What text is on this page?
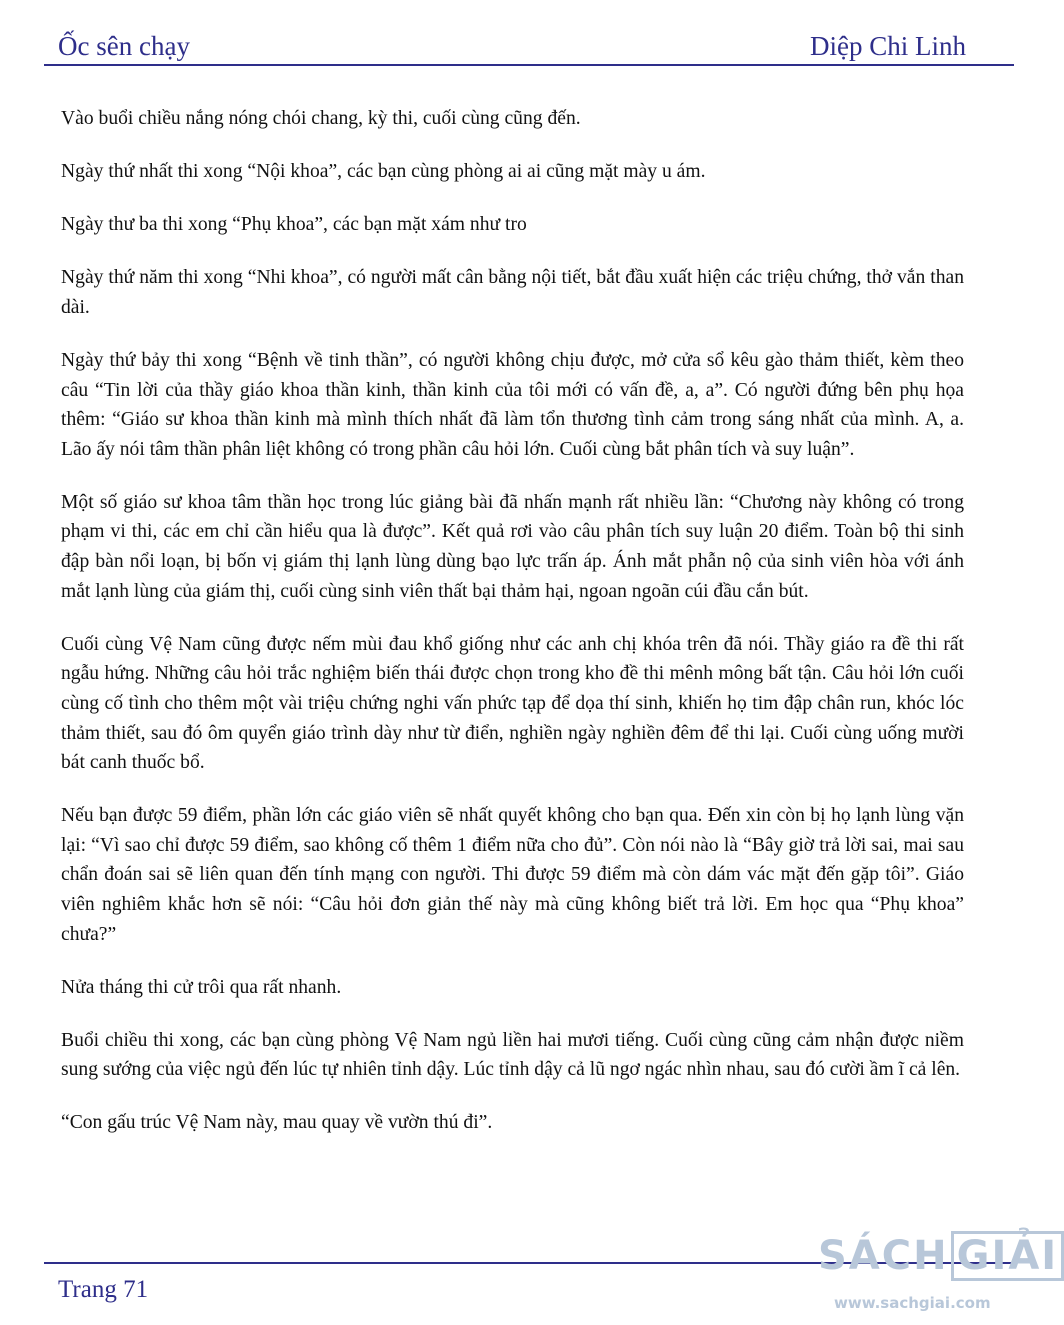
Ốc sên chạy	Diệp Chi Linh

Vào buổi chiều nắng nóng chói chang, kỳ thi, cuối cùng cũng đến.

Ngày thứ nhất thi xong “Nội khoa”, các bạn cùng phòng ai ai cũng mặt mày u ám.

Ngày thư ba thi xong “Phụ khoa”, các bạn mặt xám như tro

Ngày thứ năm thi xong “Nhi khoa”, có người mất cân bằng nội tiết, bắt đầu xuất hiện các triệu chứng, thở vắn than dài.

Ngày thứ bảy thi xong “Bệnh về tinh thần”, có người không chịu được, mở cửa sổ kêu gào thảm thiết, kèm theo câu “Tin lời của thầy giáo khoa thần kinh, thần kinh của tôi mới có vấn đề, a, a”. Có người đứng bên phụ họa thêm: “Giáo sư khoa thần kinh mà mình thích nhất đã làm tổn thương tình cảm trong sáng nhất của mình. A, a. Lão ấy nói tâm thần phân liệt không có trong phần câu hỏi lớn. Cuối cùng bắt phân tích và suy luận”.

Một số giáo sư khoa tâm thần học trong lúc giảng bài đã nhấn mạnh rất nhiều lần: “Chương này không có trong phạm vi thi, các em chỉ cần hiểu qua là được”. Kết quả rơi vào câu phân tích suy luận 20 điểm. Toàn bộ thi sinh đập bàn nổi loạn, bị bốn vị giám thị lạnh lùng dùng bạo lực trấn áp. Ánh mắt phẫn nộ của sinh viên hòa với ánh mắt lạnh lùng của giám thị, cuối cùng sinh viên thất bại thảm hại, ngoan ngoãn cúi đầu cắn bút.

Cuối cùng Vệ Nam cũng được nếm mùi đau khổ giống như các anh chị khóa trên đã nói. Thầy giáo ra đề thi rất ngẫu hứng. Những câu hỏi trắc nghiệm biến thái được chọn trong kho đề thi mênh mông bất tận. Câu hỏi lớn cuối cùng cố tình cho thêm một vài triệu chứng nghi vấn phức tạp để dọa thí sinh, khiến họ tim đập chân run, khóc lóc thảm thiết, sau đó ôm quyển giáo trình dày như từ điển, nghiền ngày nghiền đêm để thi lại. Cuối cùng uống mười bát canh thuốc bổ.

Nếu bạn được 59 điểm, phần lớn các giáo viên sẽ nhất quyết không cho bạn qua. Đến xin còn bị họ lạnh lùng vặn lại: “Vì sao chỉ được 59 điểm, sao không cố thêm 1 điểm nữa cho đủ”. Còn nói nào là “Bây giờ trả lời sai, mai sau chẩn đoán sai sẽ liên quan đến tính mạng con người. Thi được 59 điểm mà còn dám vác mặt đến gặp tôi”. Giáo viên nghiêm khắc hơn sẽ nói: “Câu hỏi đơn giản thế này mà cũng không biết trả lời. Em học qua “Phụ khoa” chưa?”

Nửa tháng thi cử trôi qua rất nhanh.

Buổi chiều thi xong, các bạn cùng phòng Vệ Nam ngủ liền hai mươi tiếng. Cuối cùng cũng cảm nhận được niềm sung sướng của việc ngủ đến lúc tự nhiên tỉnh dậy. Lúc tỉnh dậy cả lũ ngơ ngác nhìn nhau, sau đó cười ầm ĩ cả lên.

“Con gấu trúc Vệ Nam này, mau quay về vườn thú đi”.

Trang 71
SÁCH GIẢI
www.sachgiai.com
